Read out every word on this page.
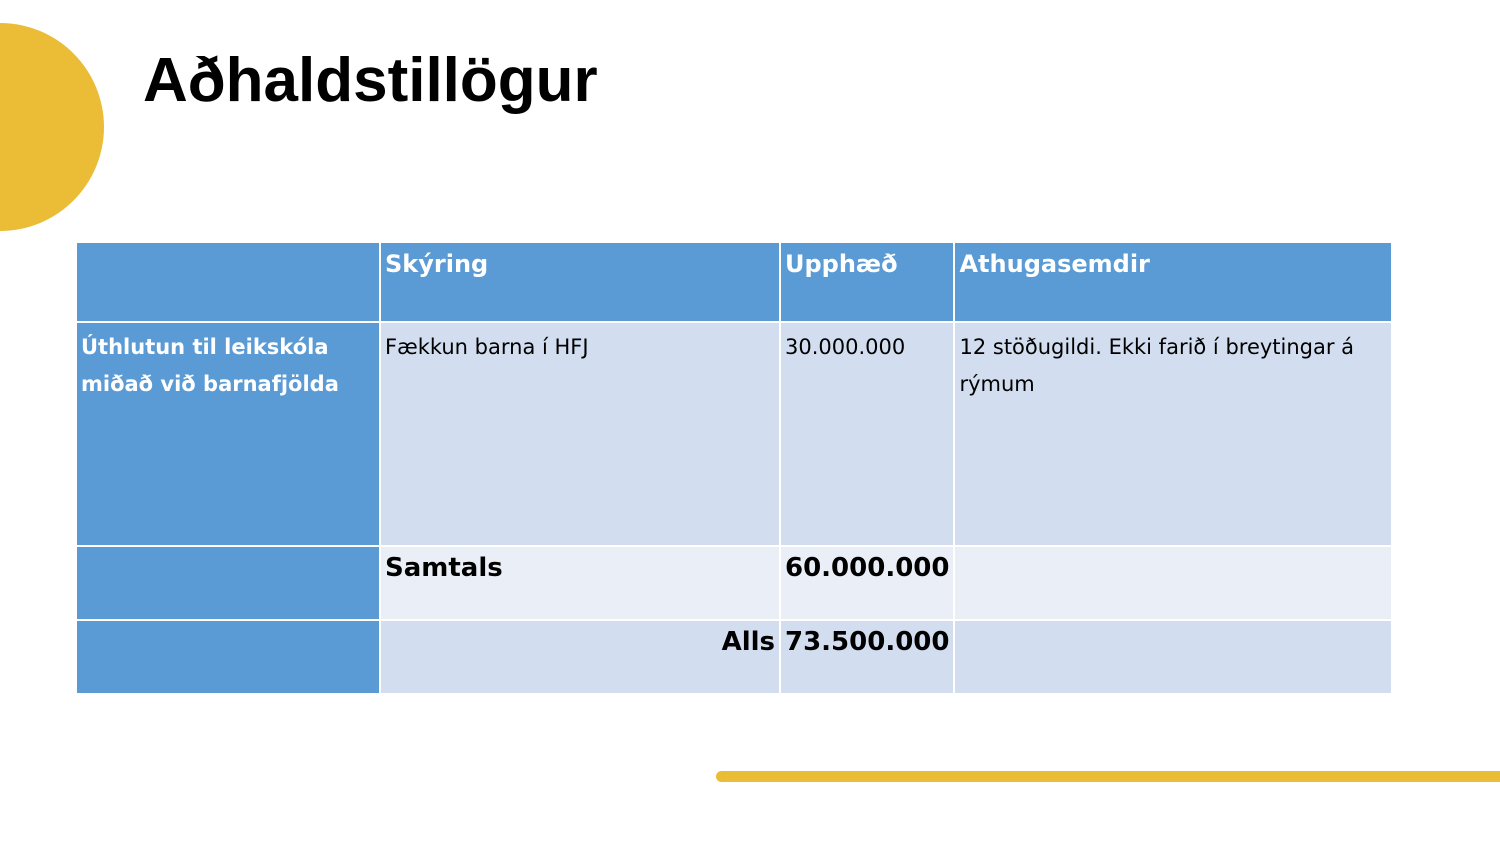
Aðhaldstillögur
	Skýring	Upphæð	Athugasemdir
Úthlutun til leikskóla miðað við barnafjölda	Fækkun barna í HFJ	30.000.000	12 stöðugildi. Ekki farið í breytingar á rýmum
	Samtals	60.000.000	
	Alls	73.500.000	
